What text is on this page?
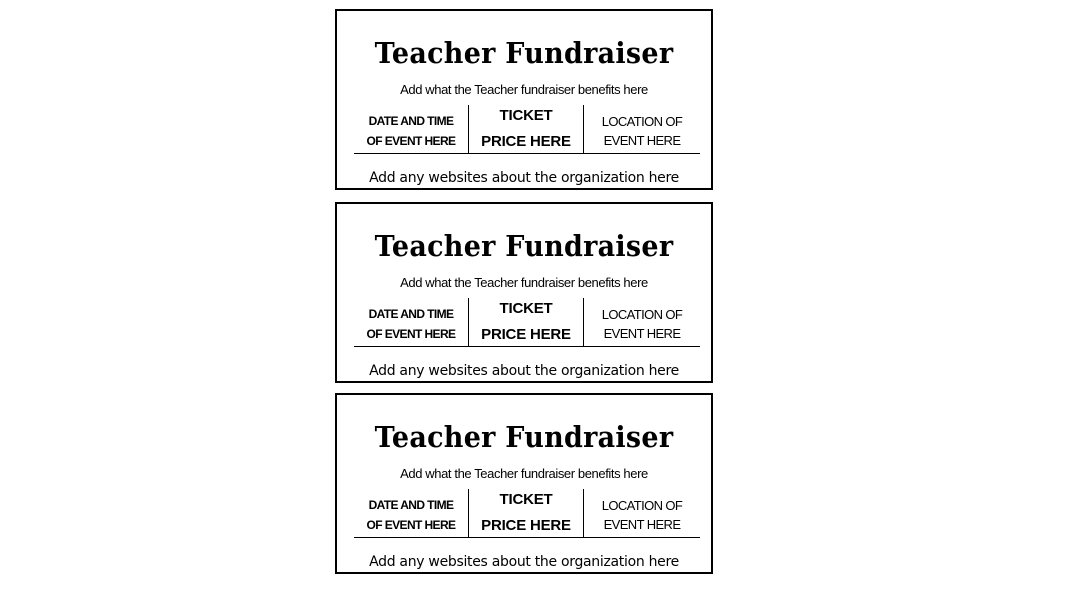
Teacher Fundraiser
Add what the Teacher fundraiser benefits here
DATE AND TIME
OF EVENT HERE
TICKET
PRICE HERE
LOCATION OF
EVENT HERE
Add any websites about the organization here
Teacher Fundraiser
Add what the Teacher fundraiser benefits here
DATE AND TIME
OF EVENT HERE
TICKET
PRICE HERE
LOCATION OF
EVENT HERE
Add any websites about the organization here
Teacher Fundraiser
Add what the Teacher fundraiser benefits here
DATE AND TIME
OF EVENT HERE
TICKET
PRICE HERE
LOCATION OF
EVENT HERE
Add any websites about the organization here
